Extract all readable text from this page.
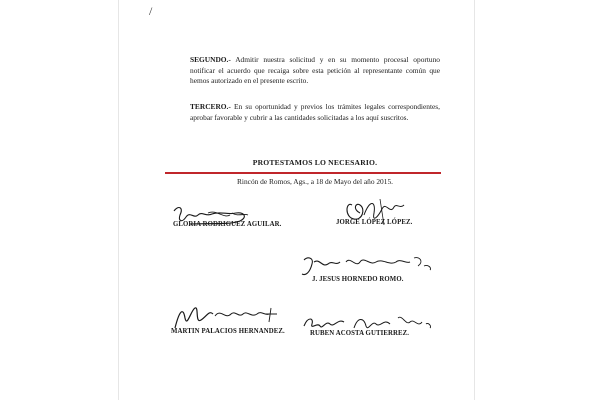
/
SEGUNDO.- Admitir nuestra solicitud y en su momento procesal oportuno notificar el acuerdo que recaiga sobre esta petición al representante común que hemos autorizado en el presente escrito.
TERCERO.- En su oportunidad y previos los trámites legales correspondientes, aprobar favorable y cubrir a las cantidades solicitadas a los aquí suscritos.
PROTESTAMOS LO NECESARIO.
Rincón de Romos, Ags., a 18 de Mayo del año 2015.
GLORIA RODRIGUEZ AGUILAR.	JORGE LÓPEZ LÓPEZ.
J. JESUS HORNEDO ROMO.
MARTIN PALACIOS HERNANDEZ.	RUBEN ACOSTA GUTIERREZ.
